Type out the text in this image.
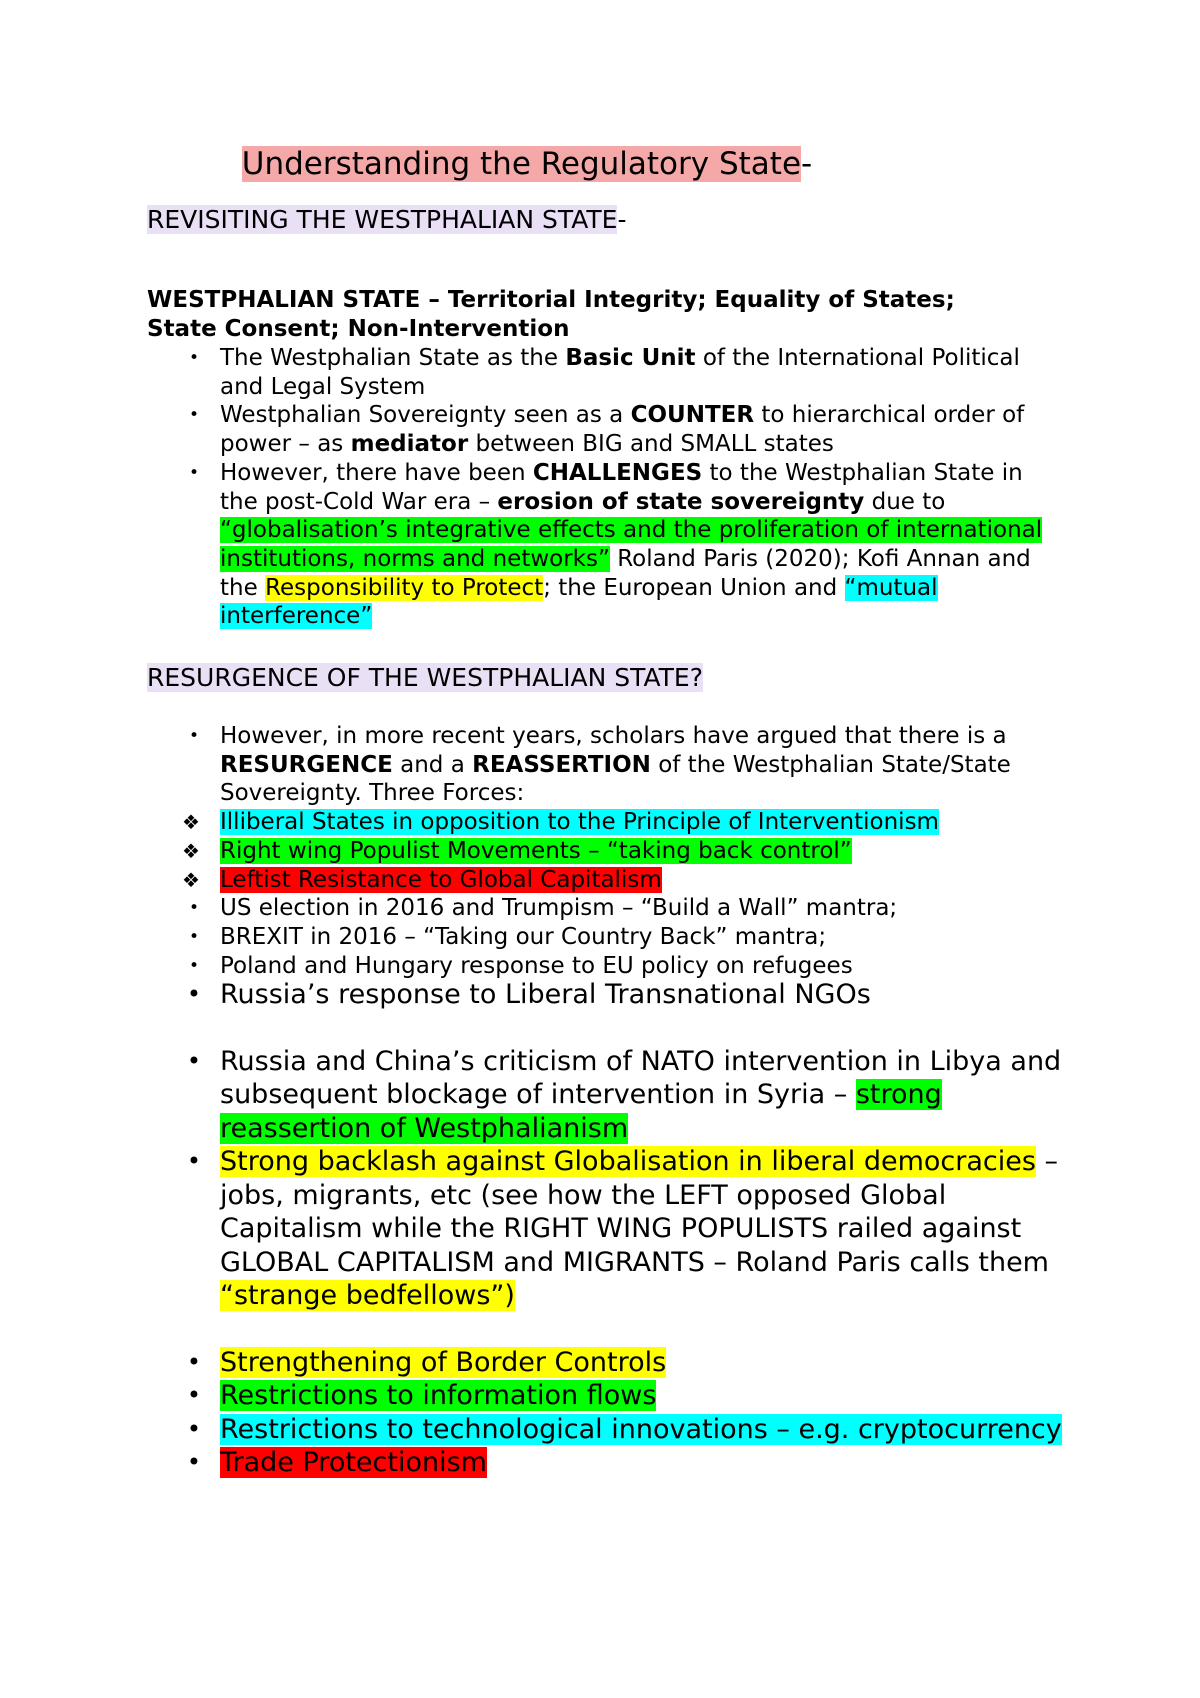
Understanding the Regulatory State-
REVISITING THE WESTPHALIAN STATE-
WESTPHALIAN STATE – Territorial Integrity; Equality of States;
State Consent; Non-Intervention
• The Westphalian State as the Basic Unit of the International Political and Legal System
• Westphalian Sovereignty seen as a COUNTER to hierarchical order of power – as mediator between BIG and SMALL states
• However, there have been CHALLENGES to the Westphalian State in the post-Cold War era – erosion of state sovereignty due to “globalisation’s integrative effects and the proliferation of international institutions, norms and networks” Roland Paris (2020); Kofi Annan and the Responsibility to Protect; the European Union and “mutual interference”
RESURGENCE OF THE WESTPHALIAN STATE?
• However, in more recent years, scholars have argued that there is a RESURGENCE and a REASSERTION of the Westphalian State/State Sovereignty. Three Forces:
❖ Illiberal States in opposition to the Principle of Interventionism
❖ Right wing Populist Movements – “taking back control”
❖ Leftist Resistance to Global Capitalism
• US election in 2016 and Trumpism – “Build a Wall” mantra;
• BREXIT in 2016 – “Taking our Country Back” mantra;
• Poland and Hungary response to EU policy on refugees
• Russia’s response to Liberal Transnational NGOs
• Russia and China’s criticism of NATO intervention in Libya and subsequent blockage of intervention in Syria – strong reassertion of Westphalianism
• Strong backlash against Globalisation in liberal democracies – jobs, migrants, etc (see how the LEFT opposed Global Capitalism while the RIGHT WING POPULISTS railed against GLOBAL CAPITALISM and MIGRANTS – Roland Paris calls them “strange bedfellows”)
• Strengthening of Border Controls
• Restrictions to information flows
• Restrictions to technological innovations – e.g. cryptocurrency
• Trade Protectionism
